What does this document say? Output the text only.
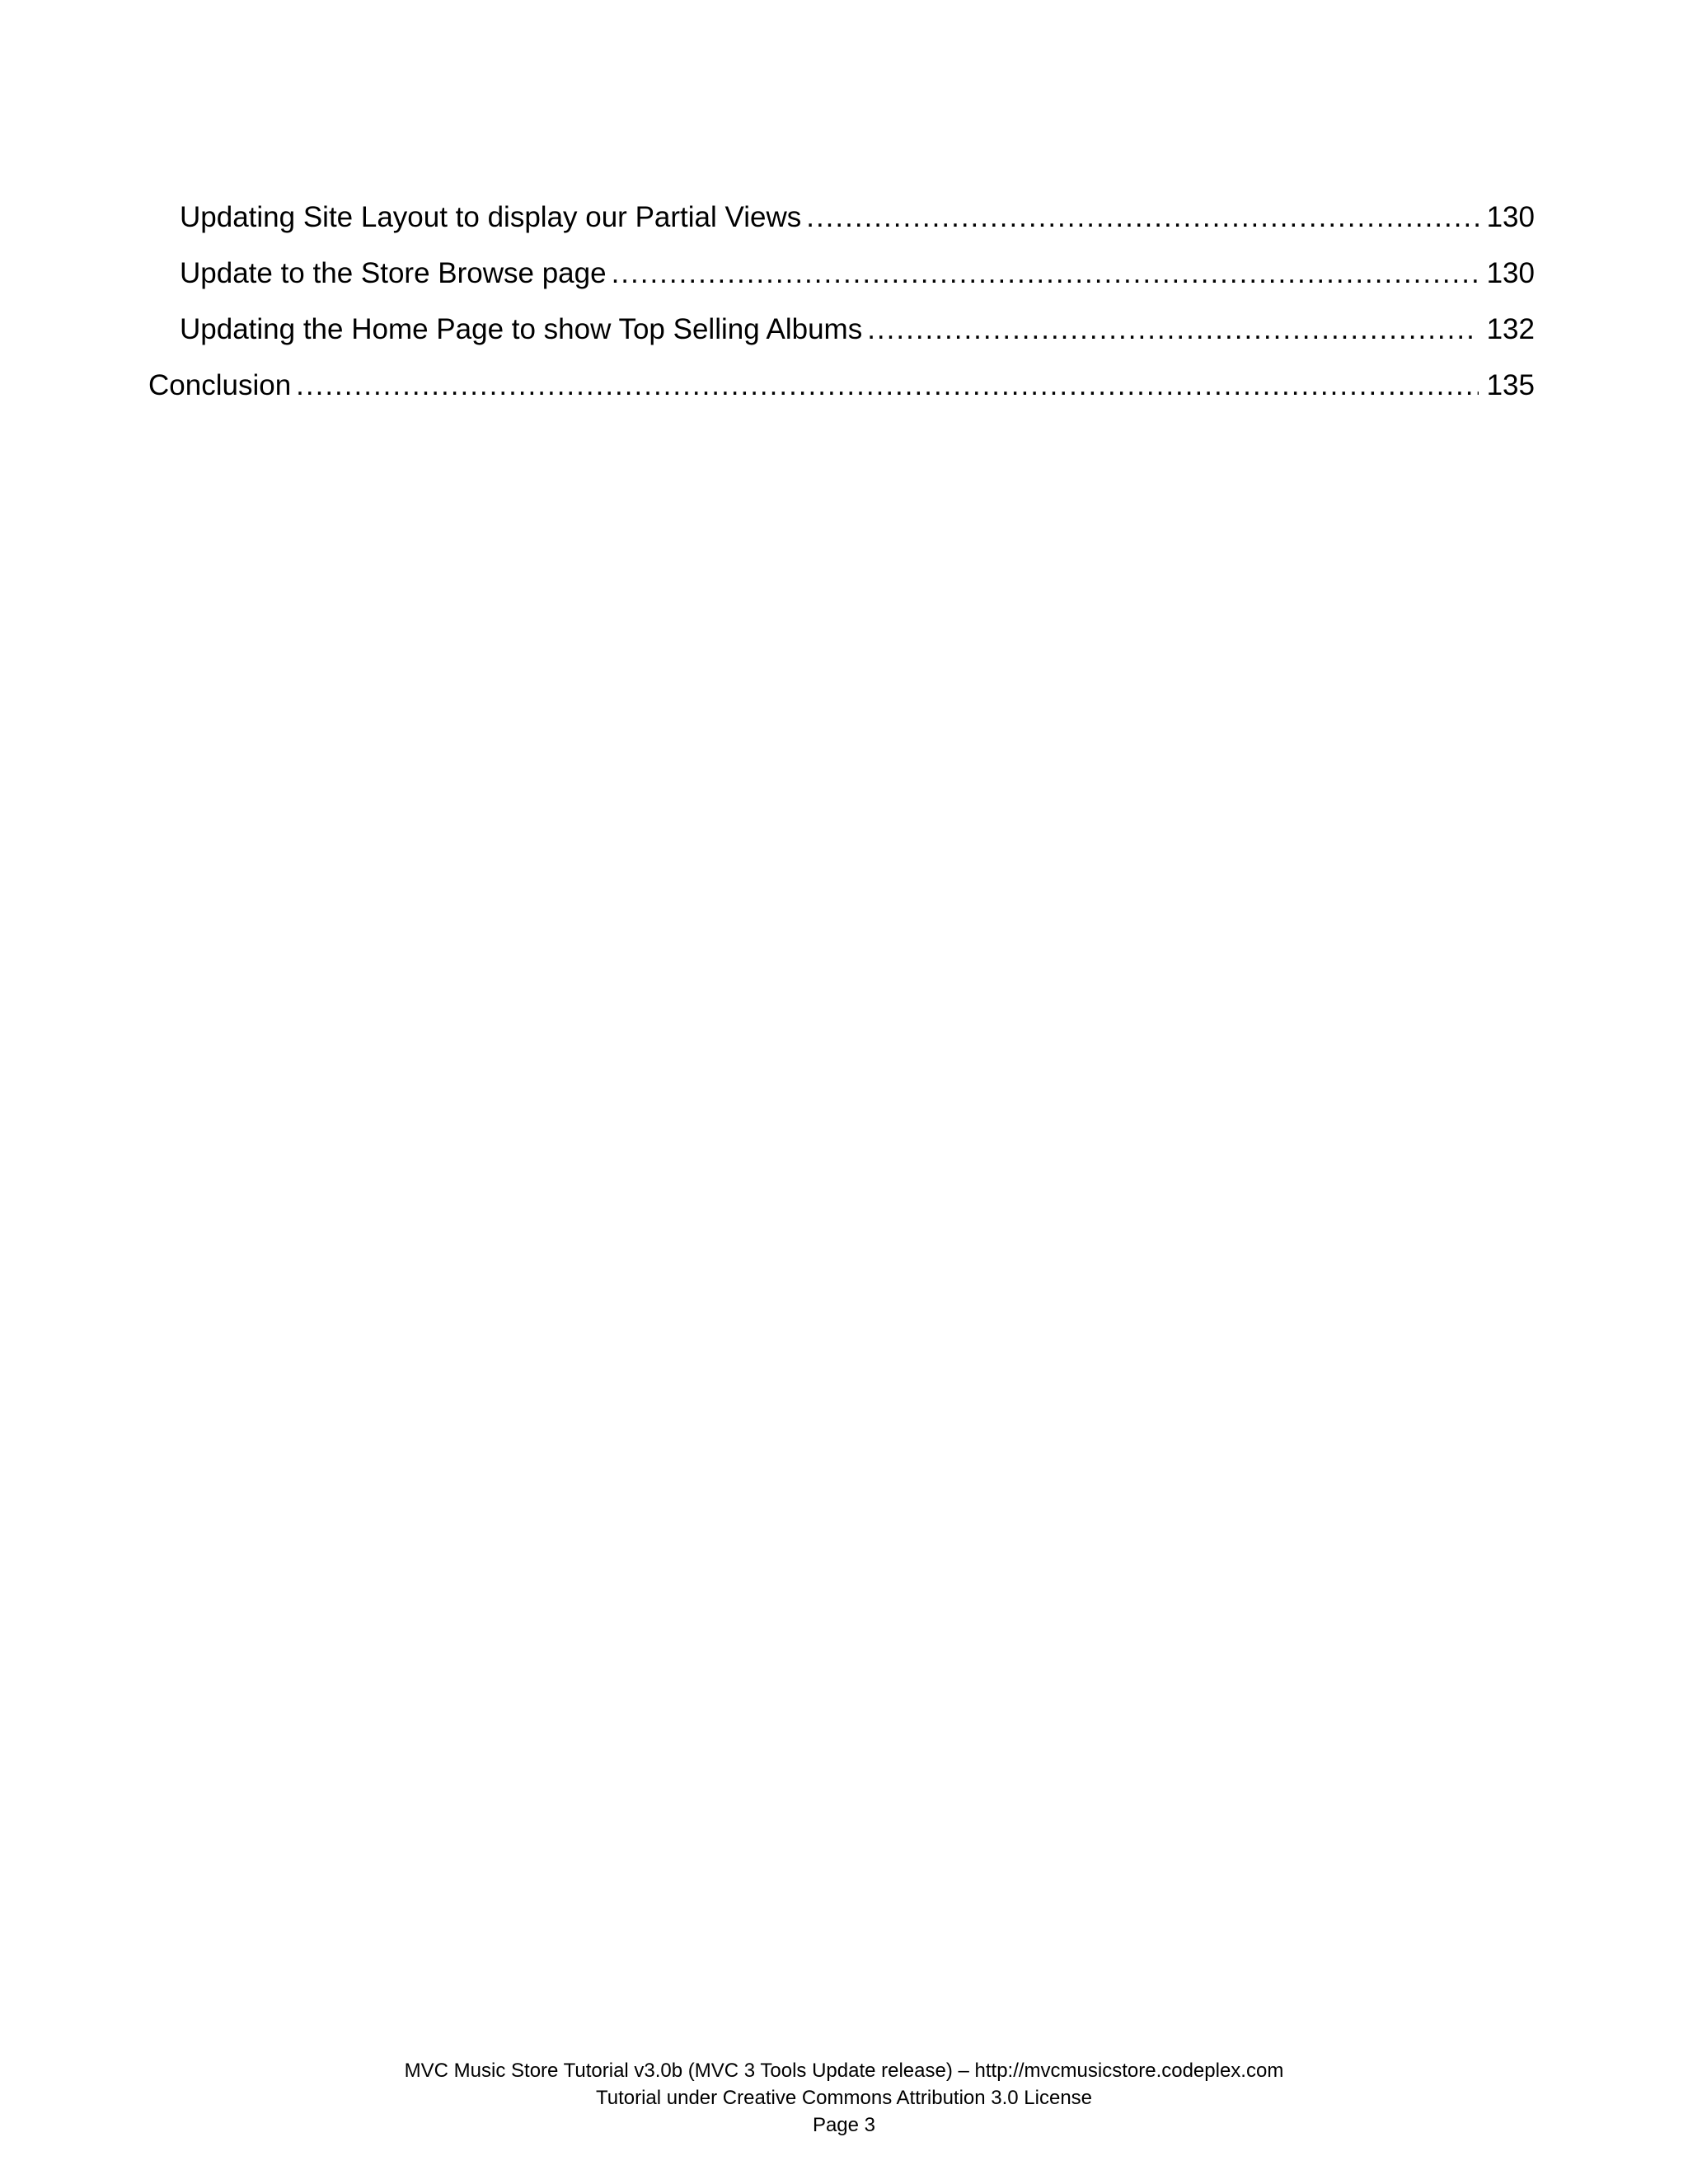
Updating Site Layout to display our Partial Views .....	130
Update to the Store Browse page .....	130
Updating the Home Page to show Top Selling Albums .....	132
Conclusion .....	135
MVC Music Store Tutorial v3.0b (MVC 3 Tools Update release) – http://mvcmusicstore.codeplex.com
Tutorial under Creative Commons Attribution 3.0 License
Page 3
